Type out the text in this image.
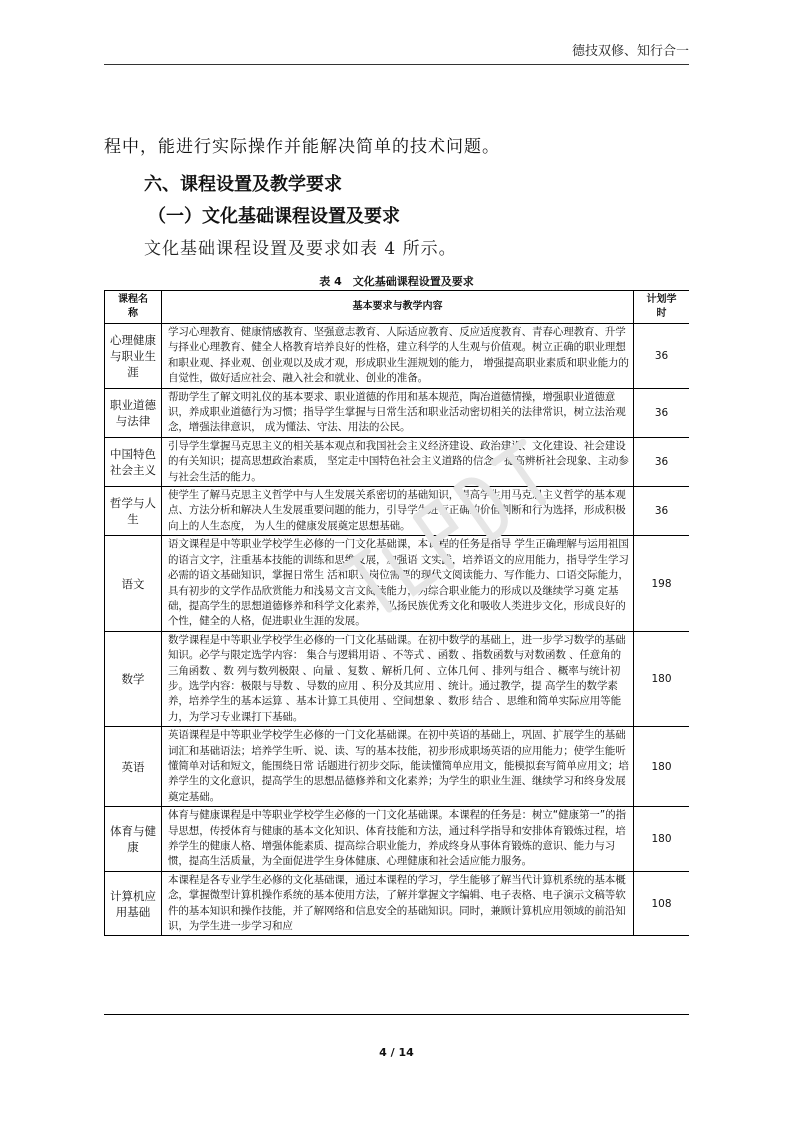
德技双修、知行合一
程中，能进行实际操作并能解决简单的技术问题。
六、课程设置及教学要求
（一）文化基础课程设置及要求
文化基础课程设置及要求如表 4 所示。
表 4　文化基础课程设置及要求
课程名称	基本要求与教学内容	计划学时
心理健康与职业生涯	学习心理教育、健康情感教育、坚强意志教育、人际适应教育、反应适度教育、青春心理教育、升学与择业心理教育、健全人格教育培养良好的性格，建立科学的人生观与价值观。树立正确的职业理想和职业观、择业观、创业观以及成才观，形成职业生涯规划的能力， 增强提高职业素质和职业能力的自觉性，做好适应社会、融入社会和就业、创业的准备。	36
职业道德与法律	帮助学生了解文明礼仪的基本要求、职业道德的作用和基本规范，陶冶道德情操，增强职业道德意识，养成职业道德行为习惯；指导学生掌握与日常生活和职业活动密切相关的法律常识，树立法治观念，增强法律意识， 成为懂法、守法、用法的公民。	36
中国特色社会主义	引导学生掌握马克思主义的相关基本观点和我国社会主义经济建设、政治建设、文化建设、社会建设的有关知识；提高思想政治素质， 坚定走中国特色社会主义道路的信念；提高辨析社会现象、主动参与社会生活的能力。	36
哲学与人生	使学生了解马克思主义哲学中与人生发展关系密切的基础知识，提高学生用马克思主义哲学的基本观点、方法分析和解决人生发展重要问题的能力，引导学生进行正确的价值判断和行为选择，形成积极向上的人生态度， 为人生的健康发展奠定思想基础。	36
语文	语文课程是中等职业学校学生必修的一门文化基础课，本课程的任务是指导 学生正确理解与运用祖国的语言文字，注重基本技能的训练和思维发展，加强语 文实践，培养语文的应用能力，指导学生学习必需的语文基础知识，掌握日常生 活和职业岗位需要的现代文阅读能力、写作能力、口语交际能力，具有初步的文学作品欣赏能力和浅易文言文阅读能力，为综合职业能力的形成以及继续学习奠 定基础，提高学生的思想道德修养和科学文化素养，弘扬民族优秀文化和吸收人类进步文化，形成良好的个性，健全的人格，促进职业生涯的发展。	198
数学	数学课程是中等职业学校学生必修的一门文化基础课。在初中数学的基础上，进一步学习数学的基础知识。必学与限定选学内容： 集合与逻辑用语 、不等式 、函数 、指数函数与对数函数 、任意角的三角函数 、数 列与数列极限 、向量 、复数 、解析几何 、立体几何 、排列与组合 、概率与统计初 步。选学内容：极限与导数 、导数的应用 、积分及其应用 、统计。通过教学，提 高学生的数学素养，培养学生的基本运算 、基本计算工具使用 、空间想象 、数形 结合 、思维和简单实际应用等能力，为学习专业课打下基础。	180
英语	英语课程是中等职业学校学生必修的一门文化基础课。在初中英语的基础上，巩固、扩展学生的基础词汇和基础语法；培养学生听、说、读、写的基本技能，初步形成职场英语的应用能力；使学生能听懂简单对话和短文，能围绕日常 话题进行初步交际，能读懂简单应用文，能模拟套写简单应用文；培养学生的文化意识，提高学生的思想品德修养和文化素养；为学生的职业生涯、继续学习和终身发展奠定基础。	180
体育与健康	体育与健康课程是中等职业学校学生必修的一门文化基础课。本课程的任务是：树立“健康第一”的指导思想，传授体育与健康的基本文化知识、体育技能和方法，通过科学指导和安排体育锻炼过程，培养学生的健康人格、增强体能素质、提高综合职业能力，养成终身从事体育锻炼的意识、能力与习惯，提高生活质量，为全面促进学生身体健康、心理健康和社会适应能力服务。	180
计算机应用基础	本课程是各专业学生必修的文化基础课，通过本课程的学习，学生能够了解当代计算机系统的基本概念，掌握微型计算机操作系统的基本使用方法，了解并掌握文字编辑、电子表格、电子演示文稿等软件的基本知识和操作技能，并了解网络和信息安全的基础知识。同时，兼顾计算机应用领域的前沿知识，为学生进一步学习和应	108
4 / 14
